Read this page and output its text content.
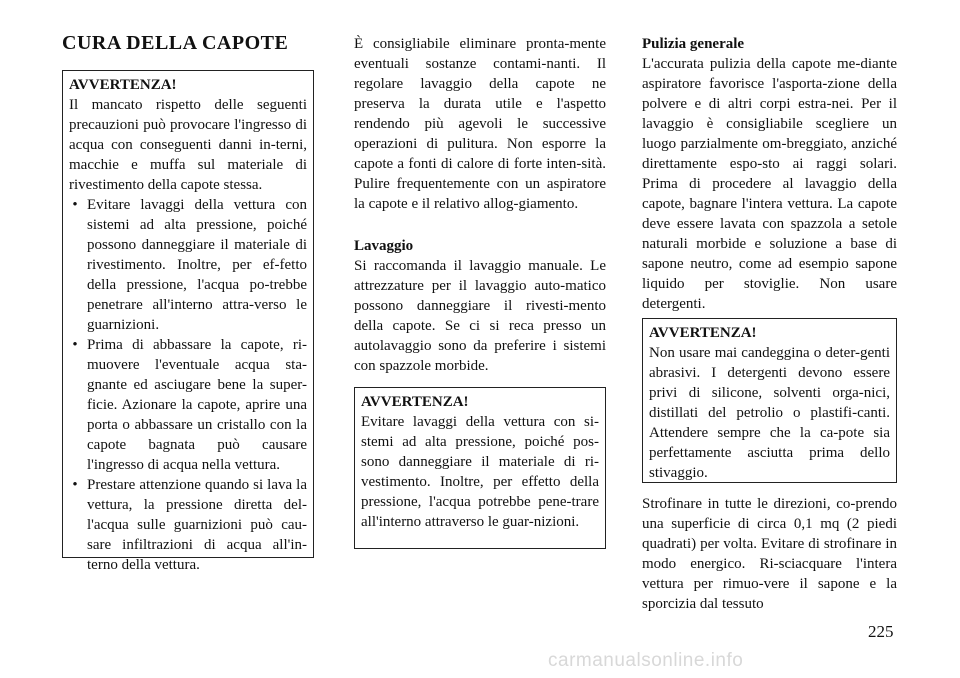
CURA DELLA CAPOTE
AVVERTENZA!

Il mancato rispetto delle seguenti precauzioni può provocare l'ingresso di acqua con conseguenti danni in-terni, macchie e muffa sul materiale di rivestimento della capote stessa.

• Evitare lavaggi della vettura con sistemi ad alta pressione, poiché possono danneggiare il materiale di rivestimento. Inoltre, per ef-fetto della pressione, l'acqua po-trebbe penetrare all'interno attra-verso le guarnizioni.
• Prima di abbassare la capote, ri-muovere l'eventuale acqua sta-gnante ed asciugare bene la super-ficie. Azionare la capote, aprire una porta o abbassare un cristallo con la capote bagnata può causare l'ingresso di acqua nella vettura.
• Prestare attenzione quando si lava la vettura, la pressione diretta del-l'acqua sulle guarnizioni può cau-sare infiltrazioni di acqua all'in-terno della vettura.

È consigliabile eliminare pronta-mente eventuali sostanze contami-nanti. Il regolare lavaggio della capote ne preserva la durata utile e l'aspetto rendendo più agevoli le successive operazioni di pulitura. Non esporre la capote a fonti di calore di forte inten-sità. Pulire frequentemente con un aspiratore la capote e il relativo allog-giamento.

Lavaggio

Si raccomanda il lavaggio manuale. Le attrezzature per il lavaggio auto-matico possono danneggiare il rivesti-mento della capote. Se ci si reca presso un autolavaggio sono da preferire i sistemi con spazzole morbide.

AVVERTENZA!

Evitare lavaggi della vettura con si-stemi ad alta pressione, poiché pos-sono danneggiare il materiale di ri-vestimento. Inoltre, per effetto della pressione, l'acqua potrebbe pene-trare all'interno attraverso le guar-nizioni.

Pulizia generale

L'accurata pulizia della capote me-diante aspiratore favorisce l'asporta-zione della polvere e di altri corpi estra-nei. Per il lavaggio è consigliabile scegliere un luogo parzialmente om-breggiato, anziché direttamente espo-sto ai raggi solari. Prima di procedere al lavaggio della capote, bagnare l'intera vettura. La capote deve essere lavata con spazzola a setole naturali morbide e soluzione a base di sapone neutro, come ad esempio sapone liquido per stoviglie. Non usare detergenti.

AVVERTENZA!

Non usare mai candeggina o deter-genti abrasivi. I detergenti devono essere privi di silicone, solventi orga-nici, distillati del petrolio o plastifi-canti. Attendere sempre che la ca-pote sia perfettamente asciutta prima dello stivaggio.

Strofinare in tutte le direzioni, co-prendo una superficie di circa 0,1 mq (2 piedi quadrati) per volta. Evitare di strofinare in modo energico. Ri-sciacquare l'intera vettura per rimuo-vere il sapone e la sporcizia dal tessuto

225
carmanualsonline.info
